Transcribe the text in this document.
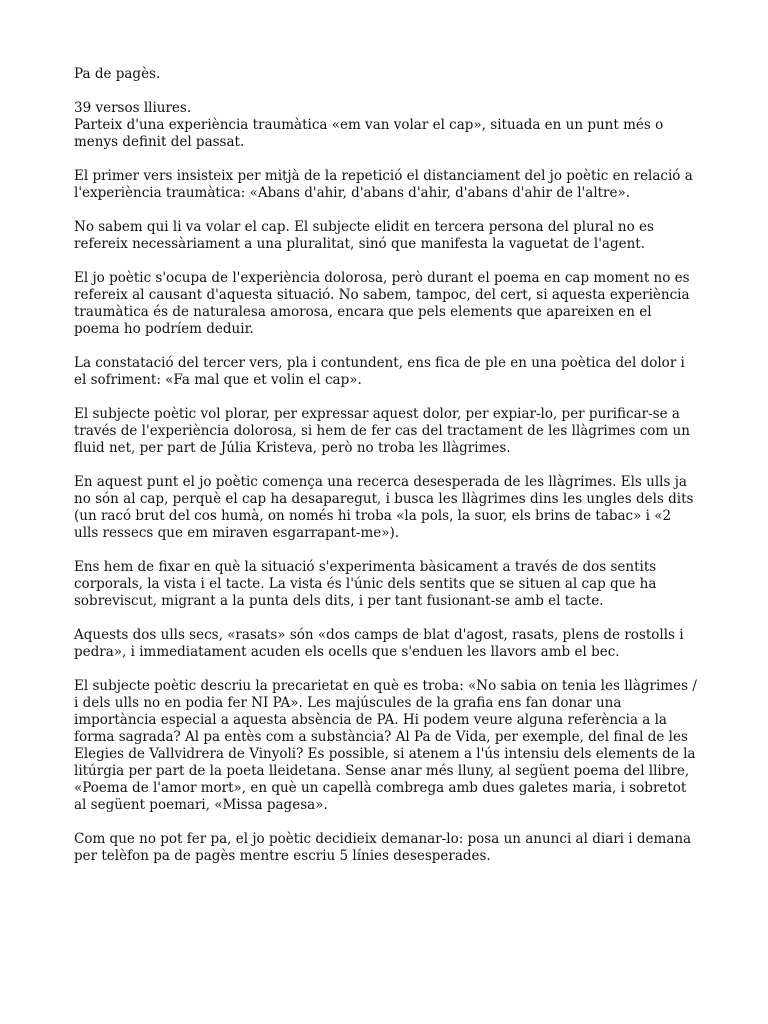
Pa de pagès.

39 versos lliures.
Parteix d'una experiència traumàtica «em van volar el cap», situada en un punt més o menys definit del passat.

El primer vers insisteix per mitjà de la repetició el distanciament del jo poètic en relació a l'experiència traumàtica: «Abans d'ahir, d'abans d'ahir, d'abans d'ahir de l'altre».

No sabem qui li va volar el cap. El subjecte elidit en tercera persona del plural no es refereix necessàriament a una pluralitat, sinó que manifesta la vaguetat de l'agent.

El jo poètic s'ocupa de l'experiència dolorosa, però durant el poema en cap moment no es refereix al causant d'aquesta situació. No sabem, tampoc, del cert, si aquesta experiència traumàtica és de naturalesa amorosa, encara que pels elements que apareixen en el poema ho podríem deduir.

La constatació del tercer vers, pla i contundent, ens fica de ple en una poètica del dolor i el sofriment: «Fa mal que et volin el cap».

El subjecte poètic vol plorar, per expressar aquest dolor, per expiar-lo, per purificar-se a través de l'experiència dolorosa, si hem de fer cas del tractament de les llàgrimes com un fluid net, per part de Júlia Kristeva, però no troba les llàgrimes.

En aquest punt el jo poètic comença una recerca desesperada de les llàgrimes. Els ulls ja no són al cap, perquè el cap ha desaparegut, i busca les llàgrimes dins les ungles dels dits (un racó brut del cos humà, on només hi troba «la pols, la suor, els brins de tabac» i «2 ulls ressecs que em miraven esgarrapant-me»).

Ens hem de fixar en què la situació s'experimenta bàsicament a través de dos sentits corporals, la vista i el tacte. La vista és l'únic dels sentits que se situen al cap que ha sobreviscut, migrant a la punta dels dits, i per tant fusionant-se amb el tacte.

Aquests dos ulls secs, «rasats» són «dos camps de blat d'agost, rasats, plens de rostolls i pedra», i immediatament acuden els ocells que s'enduen les llavors amb el bec.

El subjecte poètic descriu la precarietat en què es troba: «No sabia on tenia les llàgrimes / i dels ulls no en podia fer NI PA». Les majúscules de la grafia ens fan donar una importància especial a aquesta absència de PA. Hi podem veure alguna referència a la forma sagrada? Al pa entès com a substància? Al Pa de Vida, per exemple, del final de les Elegies de Vallvidrera de Vinyoli? Es possible, si atenem a l'ús intensiu dels elements de la litúrgia per part de la poeta lleidetana. Sense anar més lluny, al següent poema del llibre, «Poema de l'amor mort», en què un capellà combrega amb dues galetes maria, i sobretot al següent poemari, «Missa pagesa».

Com que no pot fer pa, el jo poètic decidieix demanar-lo: posa un anunci al diari i demana per telèfon pa de pagès mentre escriu 5 línies desesperades.
